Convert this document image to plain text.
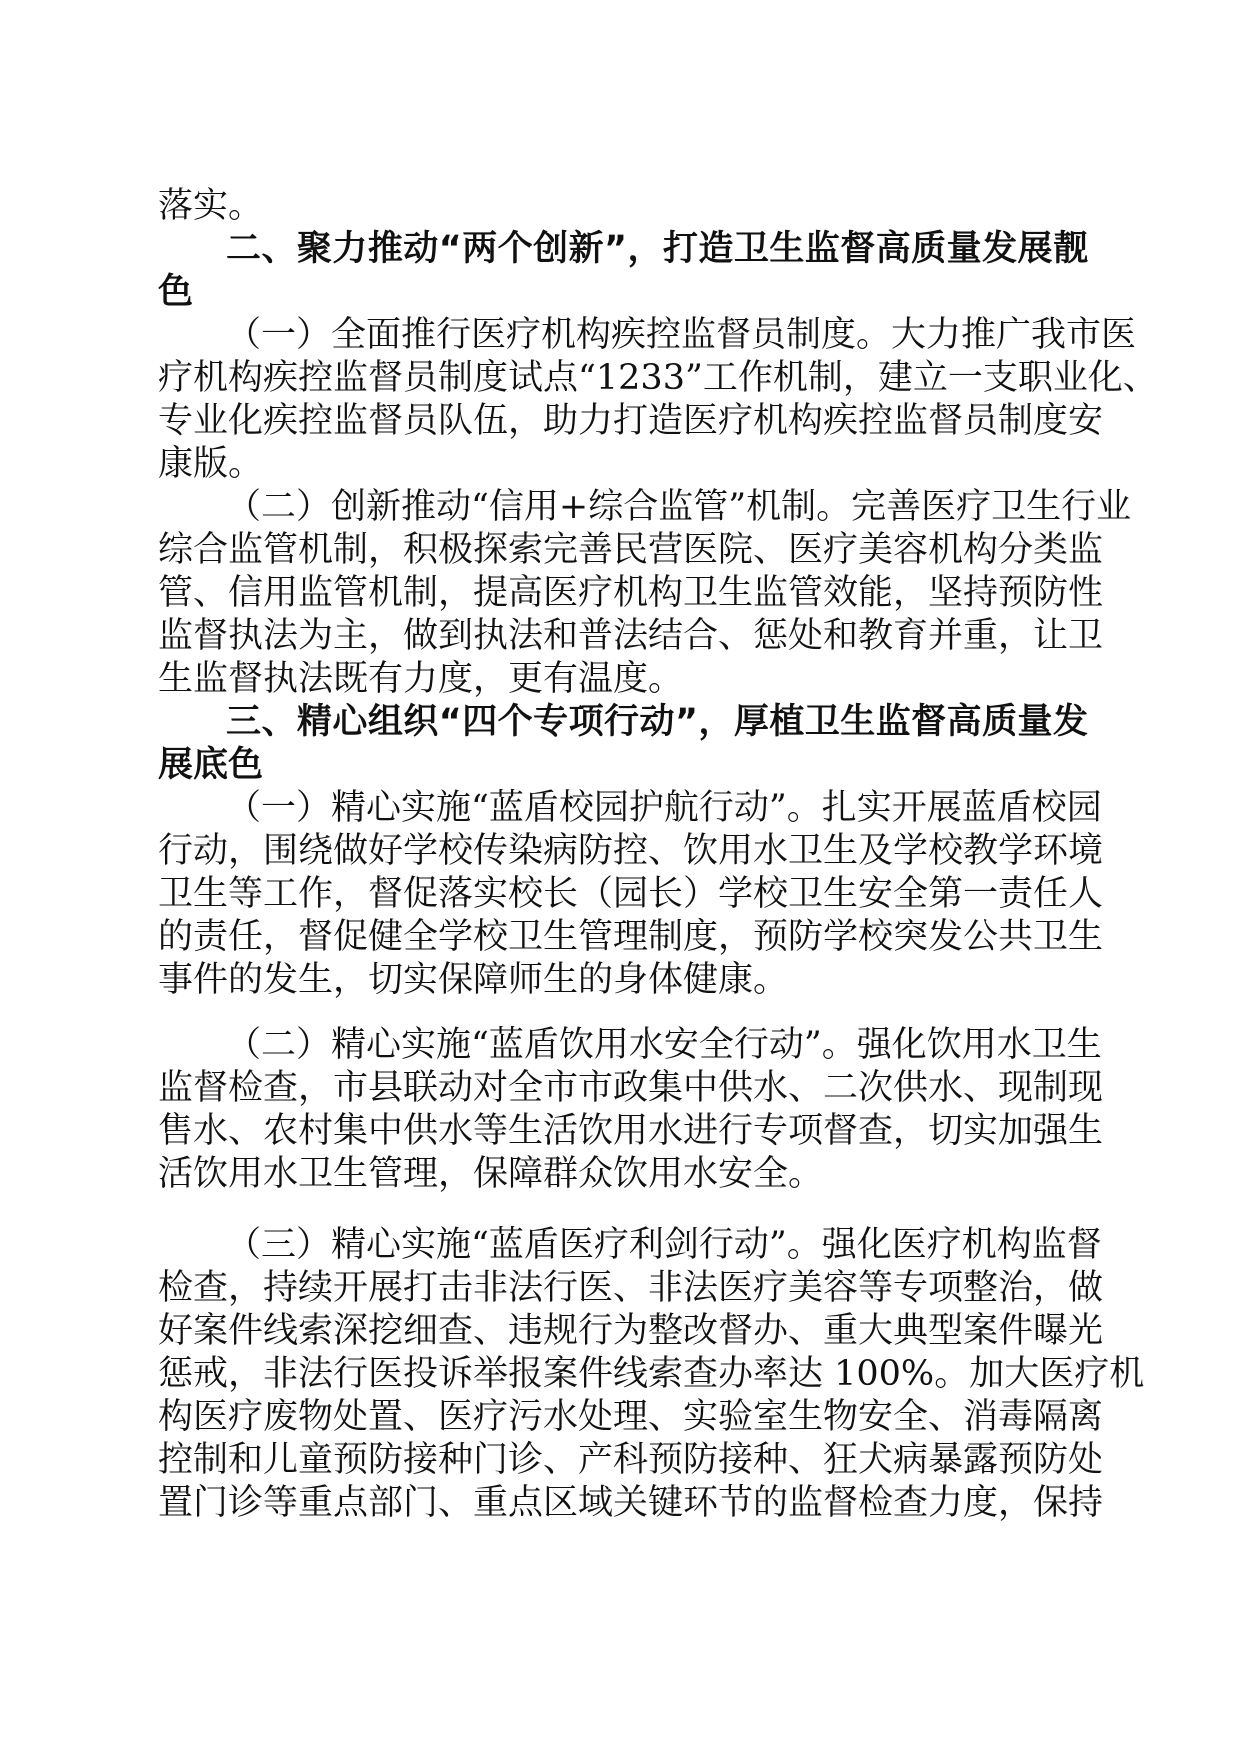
落实。
二、聚力推动“两个创新”，打造卫生监督高质量发展靓
色
（一）全面推行医疗机构疾控监督员制度。大力推广我市医
疗机构疾控监督员制度试点“1233”工作机制，建立一支职业化、
专业化疾控监督员队伍，助力打造医疗机构疾控监督员制度安
康版。
（二）创新推动“信用+综合监管”机制。完善医疗卫生行业
综合监管机制，积极探索完善民营医院、医疗美容机构分类监
管、信用监管机制，提高医疗机构卫生监管效能，坚持预防性
监督执法为主，做到执法和普法结合、惩处和教育并重，让卫
生监督执法既有力度，更有温度。
三、精心组织“四个专项行动”，厚植卫生监督高质量发
展底色
（一）精心实施“蓝盾校园护航行动”。扎实开展蓝盾校园
行动，围绕做好学校传染病防控、饮用水卫生及学校教学环境
卫生等工作，督促落实校长（园长）学校卫生安全第一责任人
的责任，督促健全学校卫生管理制度，预防学校突发公共卫生
事件的发生，切实保障师生的身体健康。
（二）精心实施“蓝盾饮用水安全行动”。强化饮用水卫生
监督检查，市县联动对全市市政集中供水、二次供水、现制现
售水、农村集中供水等生活饮用水进行专项督查，切实加强生
活饮用水卫生管理，保障群众饮用水安全。
（三）精心实施“蓝盾医疗利剑行动”。强化医疗机构监督
检查，持续开展打击非法行医、非法医疗美容等专项整治，做
好案件线索深挖细查、违规行为整改督办、重大典型案件曝光
惩戒，非法行医投诉举报案件线索查办率达 100%。加大医疗机
构医疗废物处置、医疗污水处理、实验室生物安全、消毒隔离
控制和儿童预防接种门诊、产科预防接种、狂犬病暴露预防处
置门诊等重点部门、重点区域关键环节的监督检查力度，保持
